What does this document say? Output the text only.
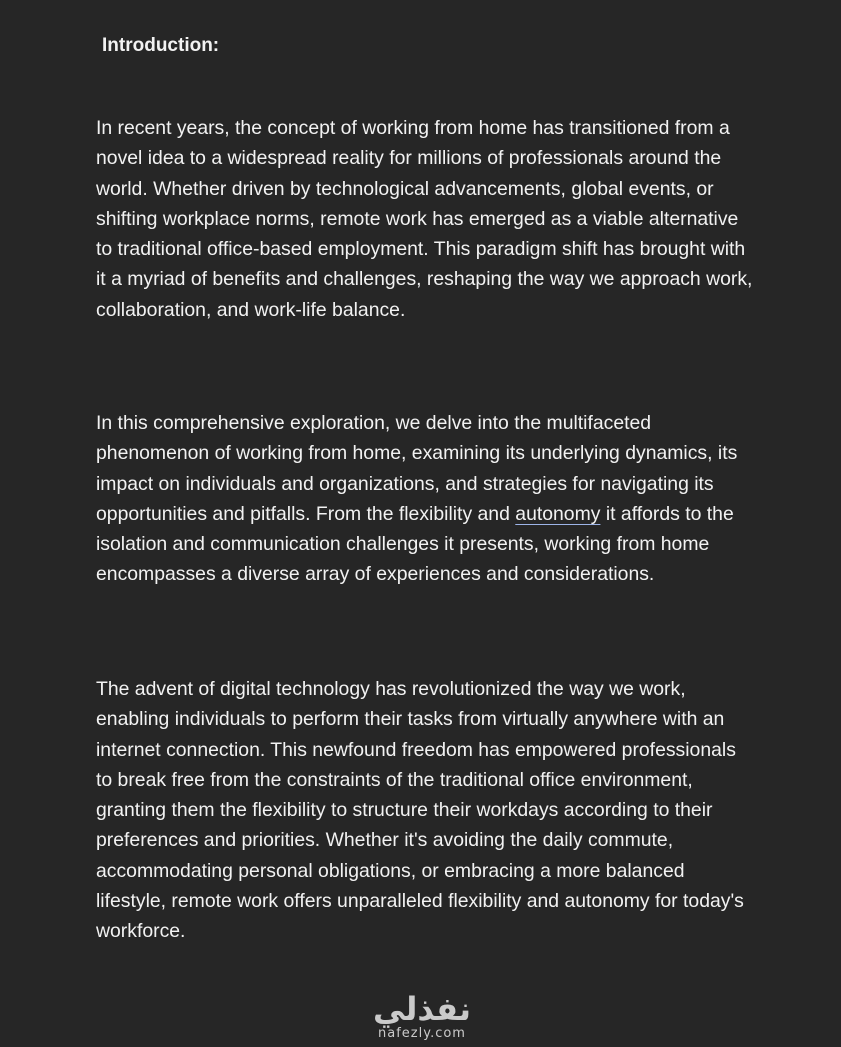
Introduction:

In recent years, the concept of working from home has transitioned from a novel idea to a widespread reality for millions of professionals around the world. Whether driven by technological advancements, global events, or shifting workplace norms, remote work has emerged as a viable alternative to traditional office-based employment. This paradigm shift has brought with it a myriad of benefits and challenges, reshaping the way we approach work, collaboration, and work-life balance.

In this comprehensive exploration, we delve into the multifaceted phenomenon of working from home, examining its underlying dynamics, its impact on individuals and organizations, and strategies for navigating its opportunities and pitfalls. From the flexibility and autonomy it affords to the isolation and communication challenges it presents, working from home encompasses a diverse array of experiences and considerations.

The advent of digital technology has revolutionized the way we work, enabling individuals to perform their tasks from virtually anywhere with an internet connection. This newfound freedom has empowered professionals to break free from the constraints of the traditional office environment, granting them the flexibility to structure their workdays according to their preferences and priorities. Whether it's avoiding the daily commute, accommodating personal obligations, or embracing a more balanced lifestyle, remote work offers unparalleled flexibility and autonomy for today's workforce.

نفذلي
nafezly.com
